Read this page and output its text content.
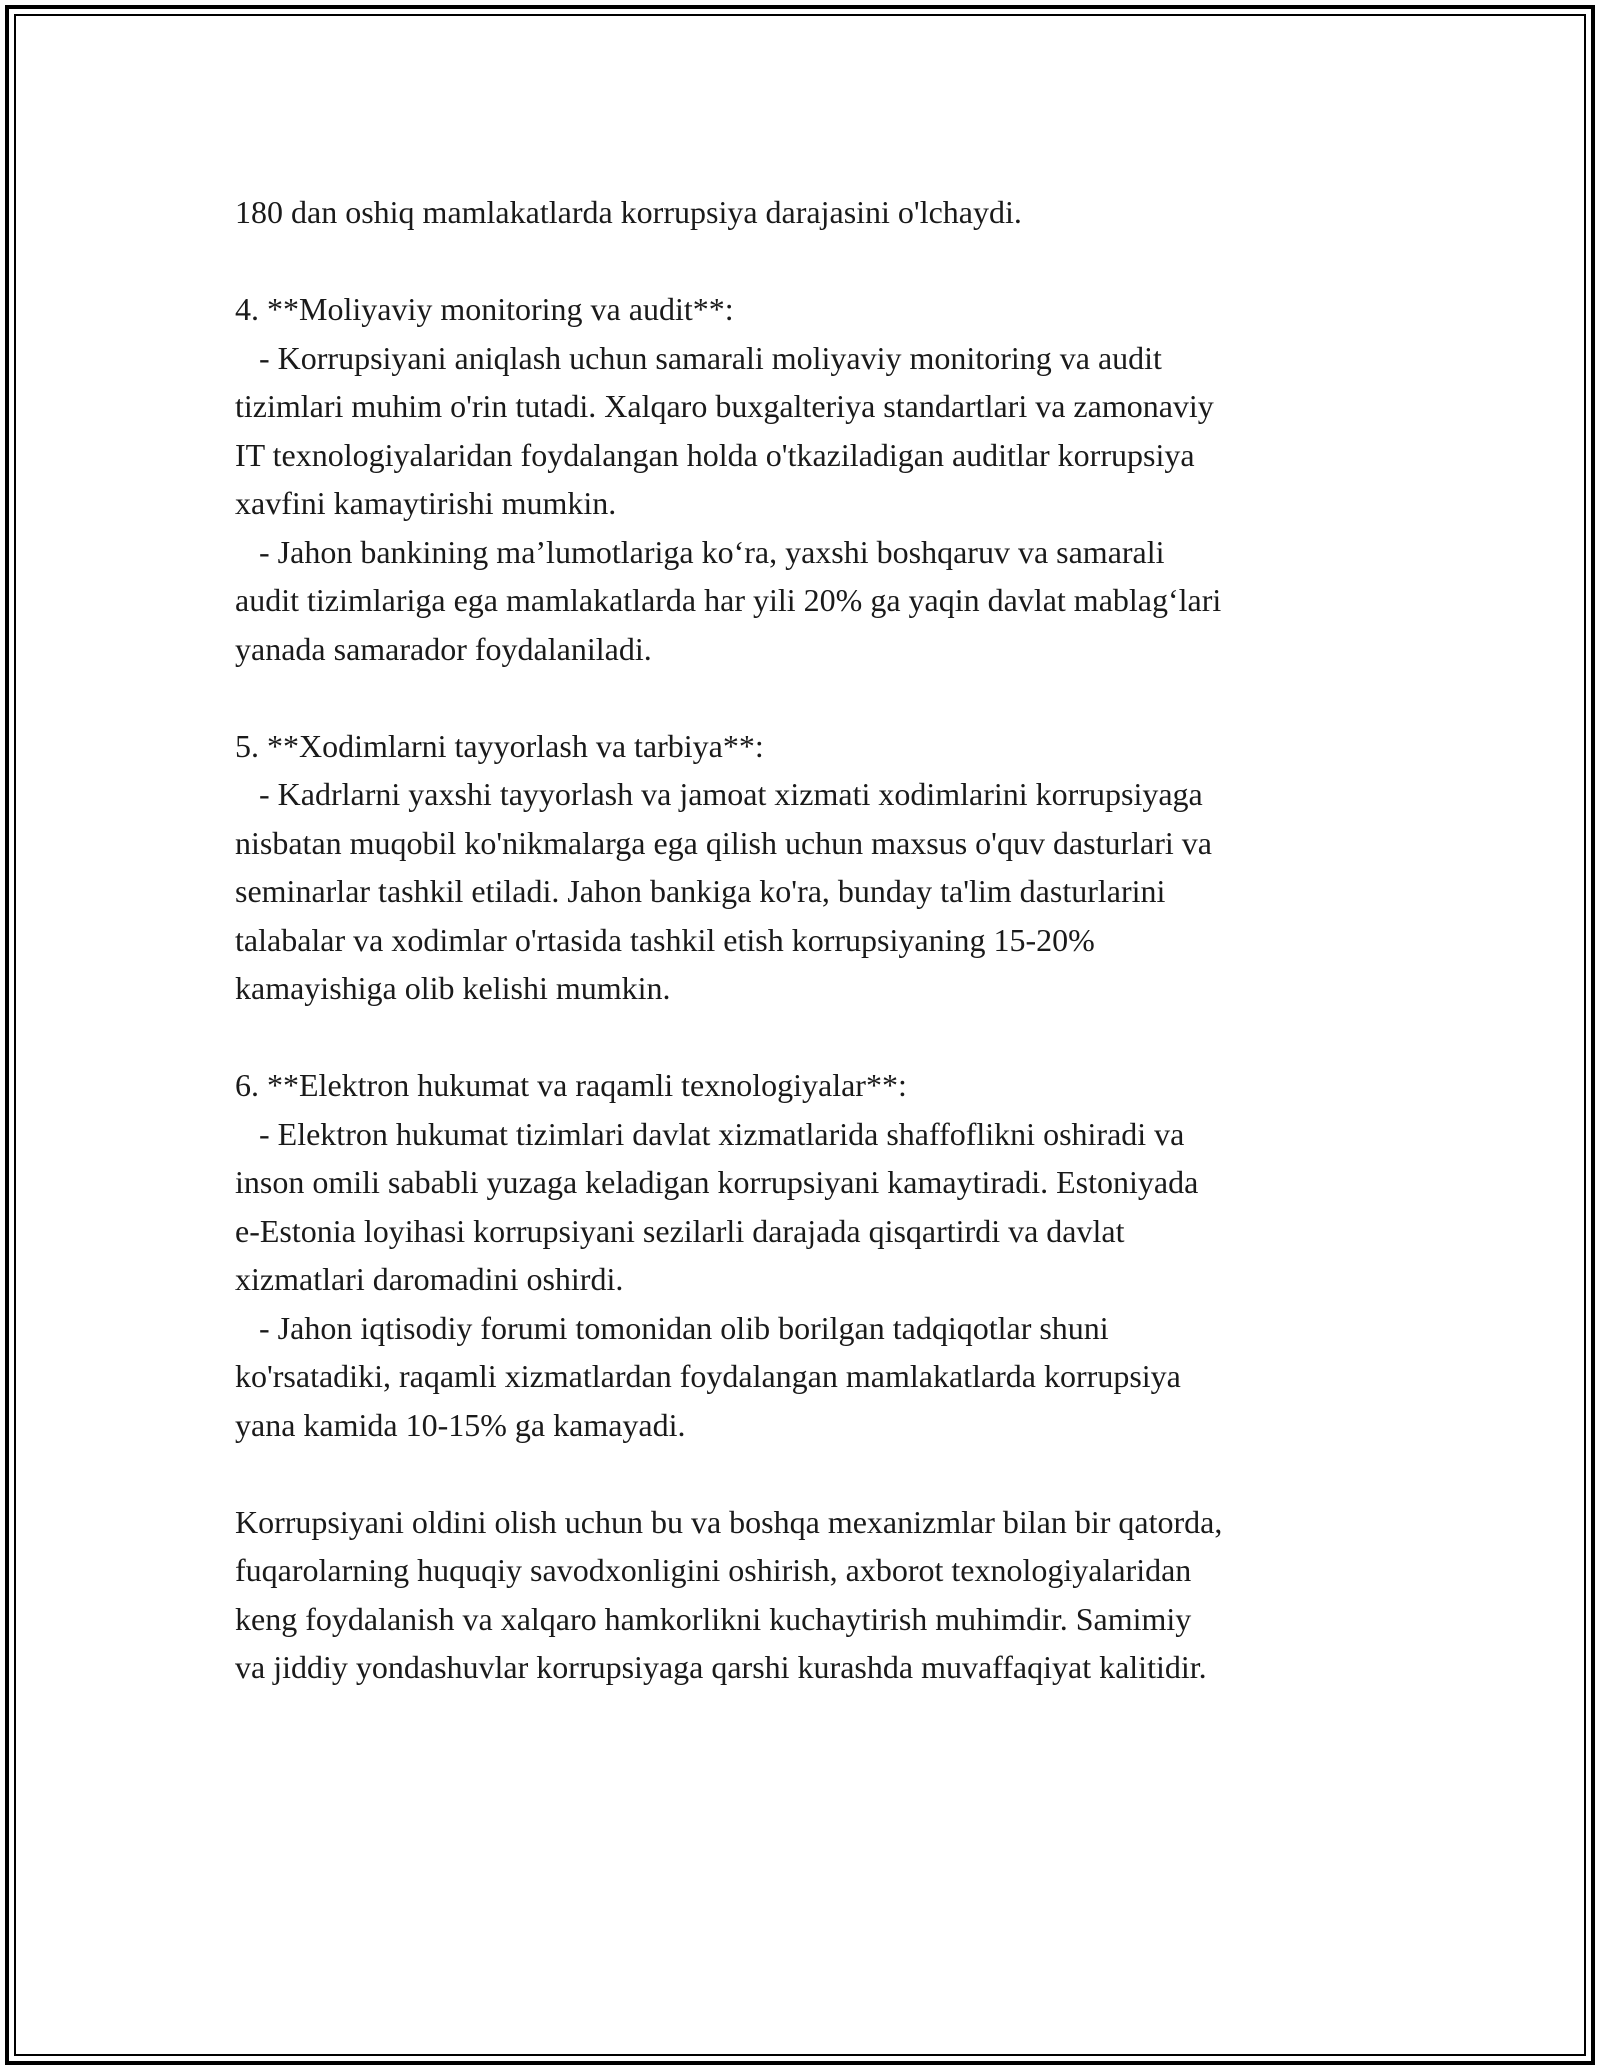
180 dan oshiq mamlakatlarda korrupsiya darajasini o'lchaydi.
4. **Moliyaviy monitoring va audit**:
- Korrupsiyani aniqlash uchun samarali moliyaviy monitoring va audit
tizimlari muhim o'rin tutadi. Xalqaro buxgalteriya standartlari va zamonaviy
IT texnologiyalaridan foydalangan holda o'tkaziladigan auditlar korrupsiya
xavfini kamaytirishi mumkin.
- Jahon bankining ma’lumotlariga ko‘ra, yaxshi boshqaruv va samarali
audit tizimlariga ega mamlakatlarda har yili 20% ga yaqin davlat mablag‘lari
yanada samarador foydalaniladi.
5. **Xodimlarni tayyorlash va tarbiya**:
- Kadrlarni yaxshi tayyorlash va jamoat xizmati xodimlarini korrupsiyaga
nisbatan muqobil ko'nikmalarga ega qilish uchun maxsus o'quv dasturlari va
seminarlar tashkil etiladi. Jahon bankiga ko'ra, bunday ta'lim dasturlarini
talabalar va xodimlar o'rtasida tashkil etish korrupsiyaning 15-20%
kamayishiga olib kelishi mumkin.
6. **Elektron hukumat va raqamli texnologiyalar**:
- Elektron hukumat tizimlari davlat xizmatlarida shaffoflikni oshiradi va
inson omili sababli yuzaga keladigan korrupsiyani kamaytiradi. Estoniyada
e-Estonia loyihasi korrupsiyani sezilarli darajada qisqartirdi va davlat
xizmatlari daromadini oshirdi.
- Jahon iqtisodiy forumi tomonidan olib borilgan tadqiqotlar shuni
ko'rsatadiki, raqamli xizmatlardan foydalangan mamlakatlarda korrupsiya
yana kamida 10-15% ga kamayadi.
Korrupsiyani oldini olish uchun bu va boshqa mexanizmlar bilan bir qatorda,
fuqarolarning huquqiy savodxonligini oshirish, axborot texnologiyalaridan
keng foydalanish va xalqaro hamkorlikni kuchaytirish muhimdir. Samimiy
va jiddiy yondashuvlar korrupsiyaga qarshi kurashda muvaffaqiyat kalitidir.
